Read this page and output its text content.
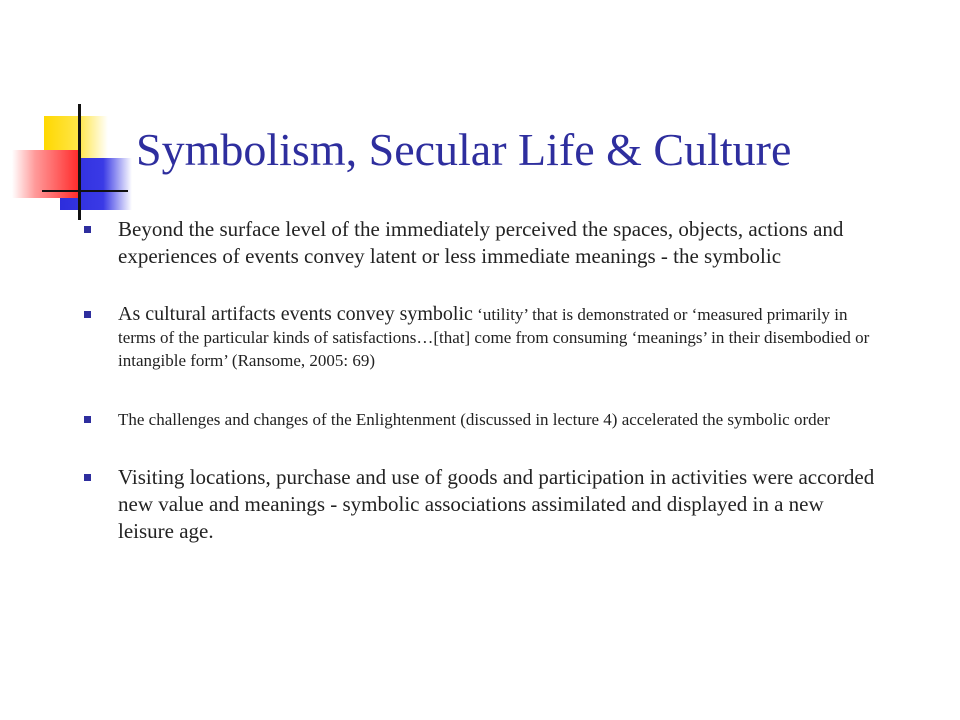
Symbolism, Secular Life & Culture
Beyond the surface level of the immediately perceived the spaces, objects, actions and experiences of events convey latent or less immediate meanings - the symbolic
As cultural artifacts events convey symbolic ‘utility’ that is demonstrated or ‘measured primarily in terms of the particular kinds of satisfactions…[that] come from consuming ‘meanings’ in their disembodied or intangible form’ (Ransome, 2005: 69)
The challenges and changes of the Enlightenment (discussed in lecture 4) accelerated the symbolic order
Visiting locations, purchase and use of goods and participation in activities were accorded new value and meanings - symbolic associations assimilated and displayed in a new leisure age.
